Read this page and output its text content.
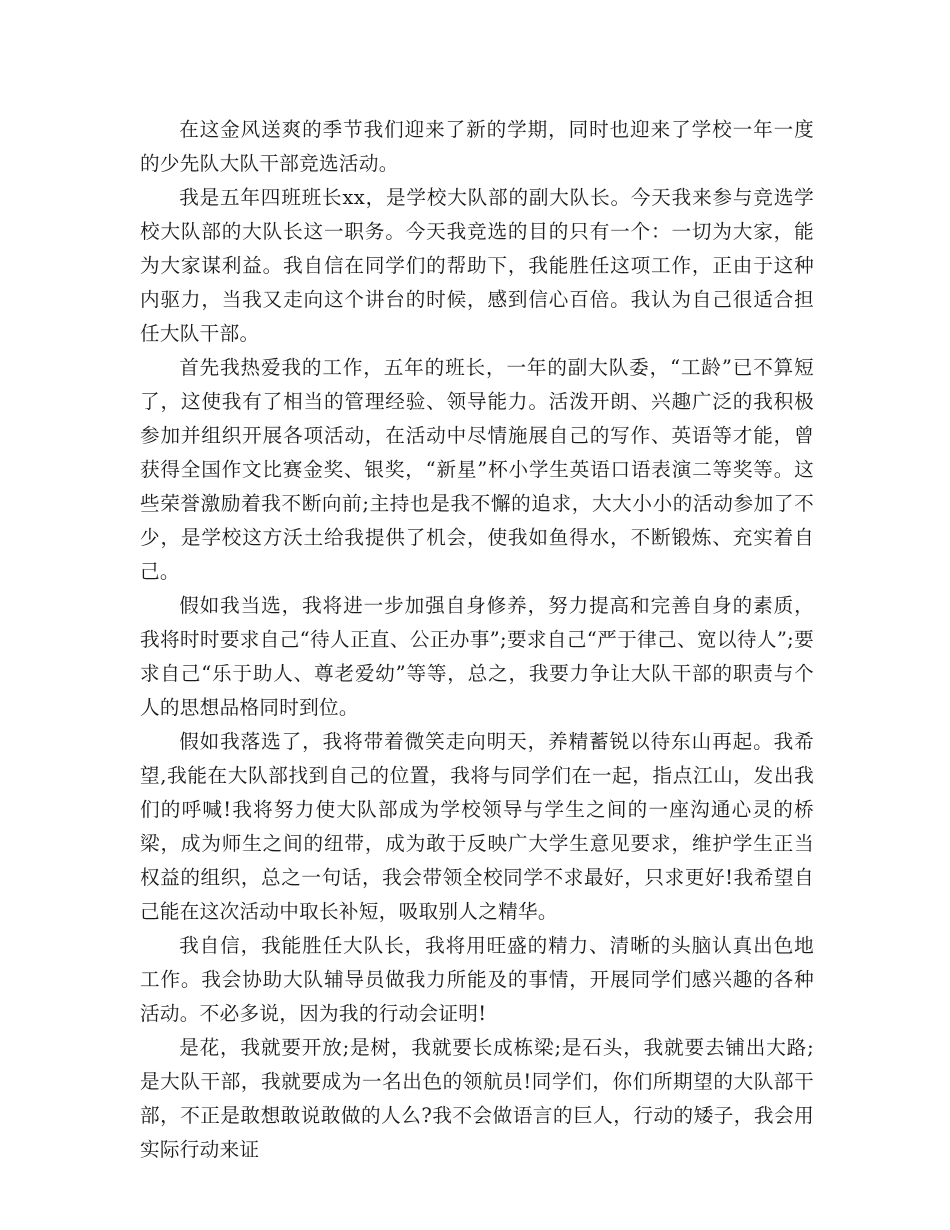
在这金风送爽的季节我们迎来了新的学期，同时也迎来了学校一年一度的少先队大队干部竞选活动。

我是五年四班班长xx，是学校大队部的副大队长。今天我来参与竞选学校大队部的大队长这一职务。今天我竞选的目的只有一个：一切为大家，能为大家谋利益。我自信在同学们的帮助下，我能胜任这项工作，正由于这种内驱力，当我又走向这个讲台的时候，感到信心百倍。我认为自己很适合担任大队干部。

首先我热爱我的工作，五年的班长，一年的副大队委，“工龄”已不算短了，这使我有了相当的管理经验、领导能力。活泼开朗、兴趣广泛的我积极参加并组织开展各项活动，在活动中尽情施展自己的写作、英语等才能，曾获得全国作文比赛金奖、银奖，“新星”杯小学生英语口语表演二等奖等。这些荣誉激励着我不断向前;主持也是我不懈的追求，大大小小的活动参加了不少，是学校这方沃土给我提供了机会，使我如鱼得水，不断锻炼、充实着自己。

假如我当选，我将进一步加强自身修养，努力提高和完善自身的素质，我将时时要求自己“待人正直、公正办事”;要求自己“严于律己、宽以待人”;要求自己“乐于助人、尊老爱幼”等等，总之，我要力争让大队干部的职责与个人的思想品格同时到位。

假如我落选了，我将带着微笑走向明天，养精蓄锐以待东山再起。我希望,我能在大队部找到自己的位置，我将与同学们在一起，指点江山，发出我们的呼喊!我将努力使大队部成为学校领导与学生之间的一座沟通心灵的桥梁，成为师生之间的纽带，成为敢于反映广大学生意见要求，维护学生正当权益的组织，总之一句话，我会带领全校同学不求最好，只求更好!我希望自己能在这次活动中取长补短，吸取别人之精华。

我自信，我能胜任大队长，我将用旺盛的精力、清晰的头脑认真出色地工作。我会协助大队辅导员做我力所能及的事情，开展同学们感兴趣的各种活动。不必多说，因为我的行动会证明!

是花，我就要开放;是树，我就要长成栋梁;是石头，我就要去铺出大路;是大队干部，我就要成为一名出色的领航员!同学们，你们所期望的大队部干部，不正是敢想敢说敢做的人么?我不会做语言的巨人，行动的矮子，我会用实际行动来证
